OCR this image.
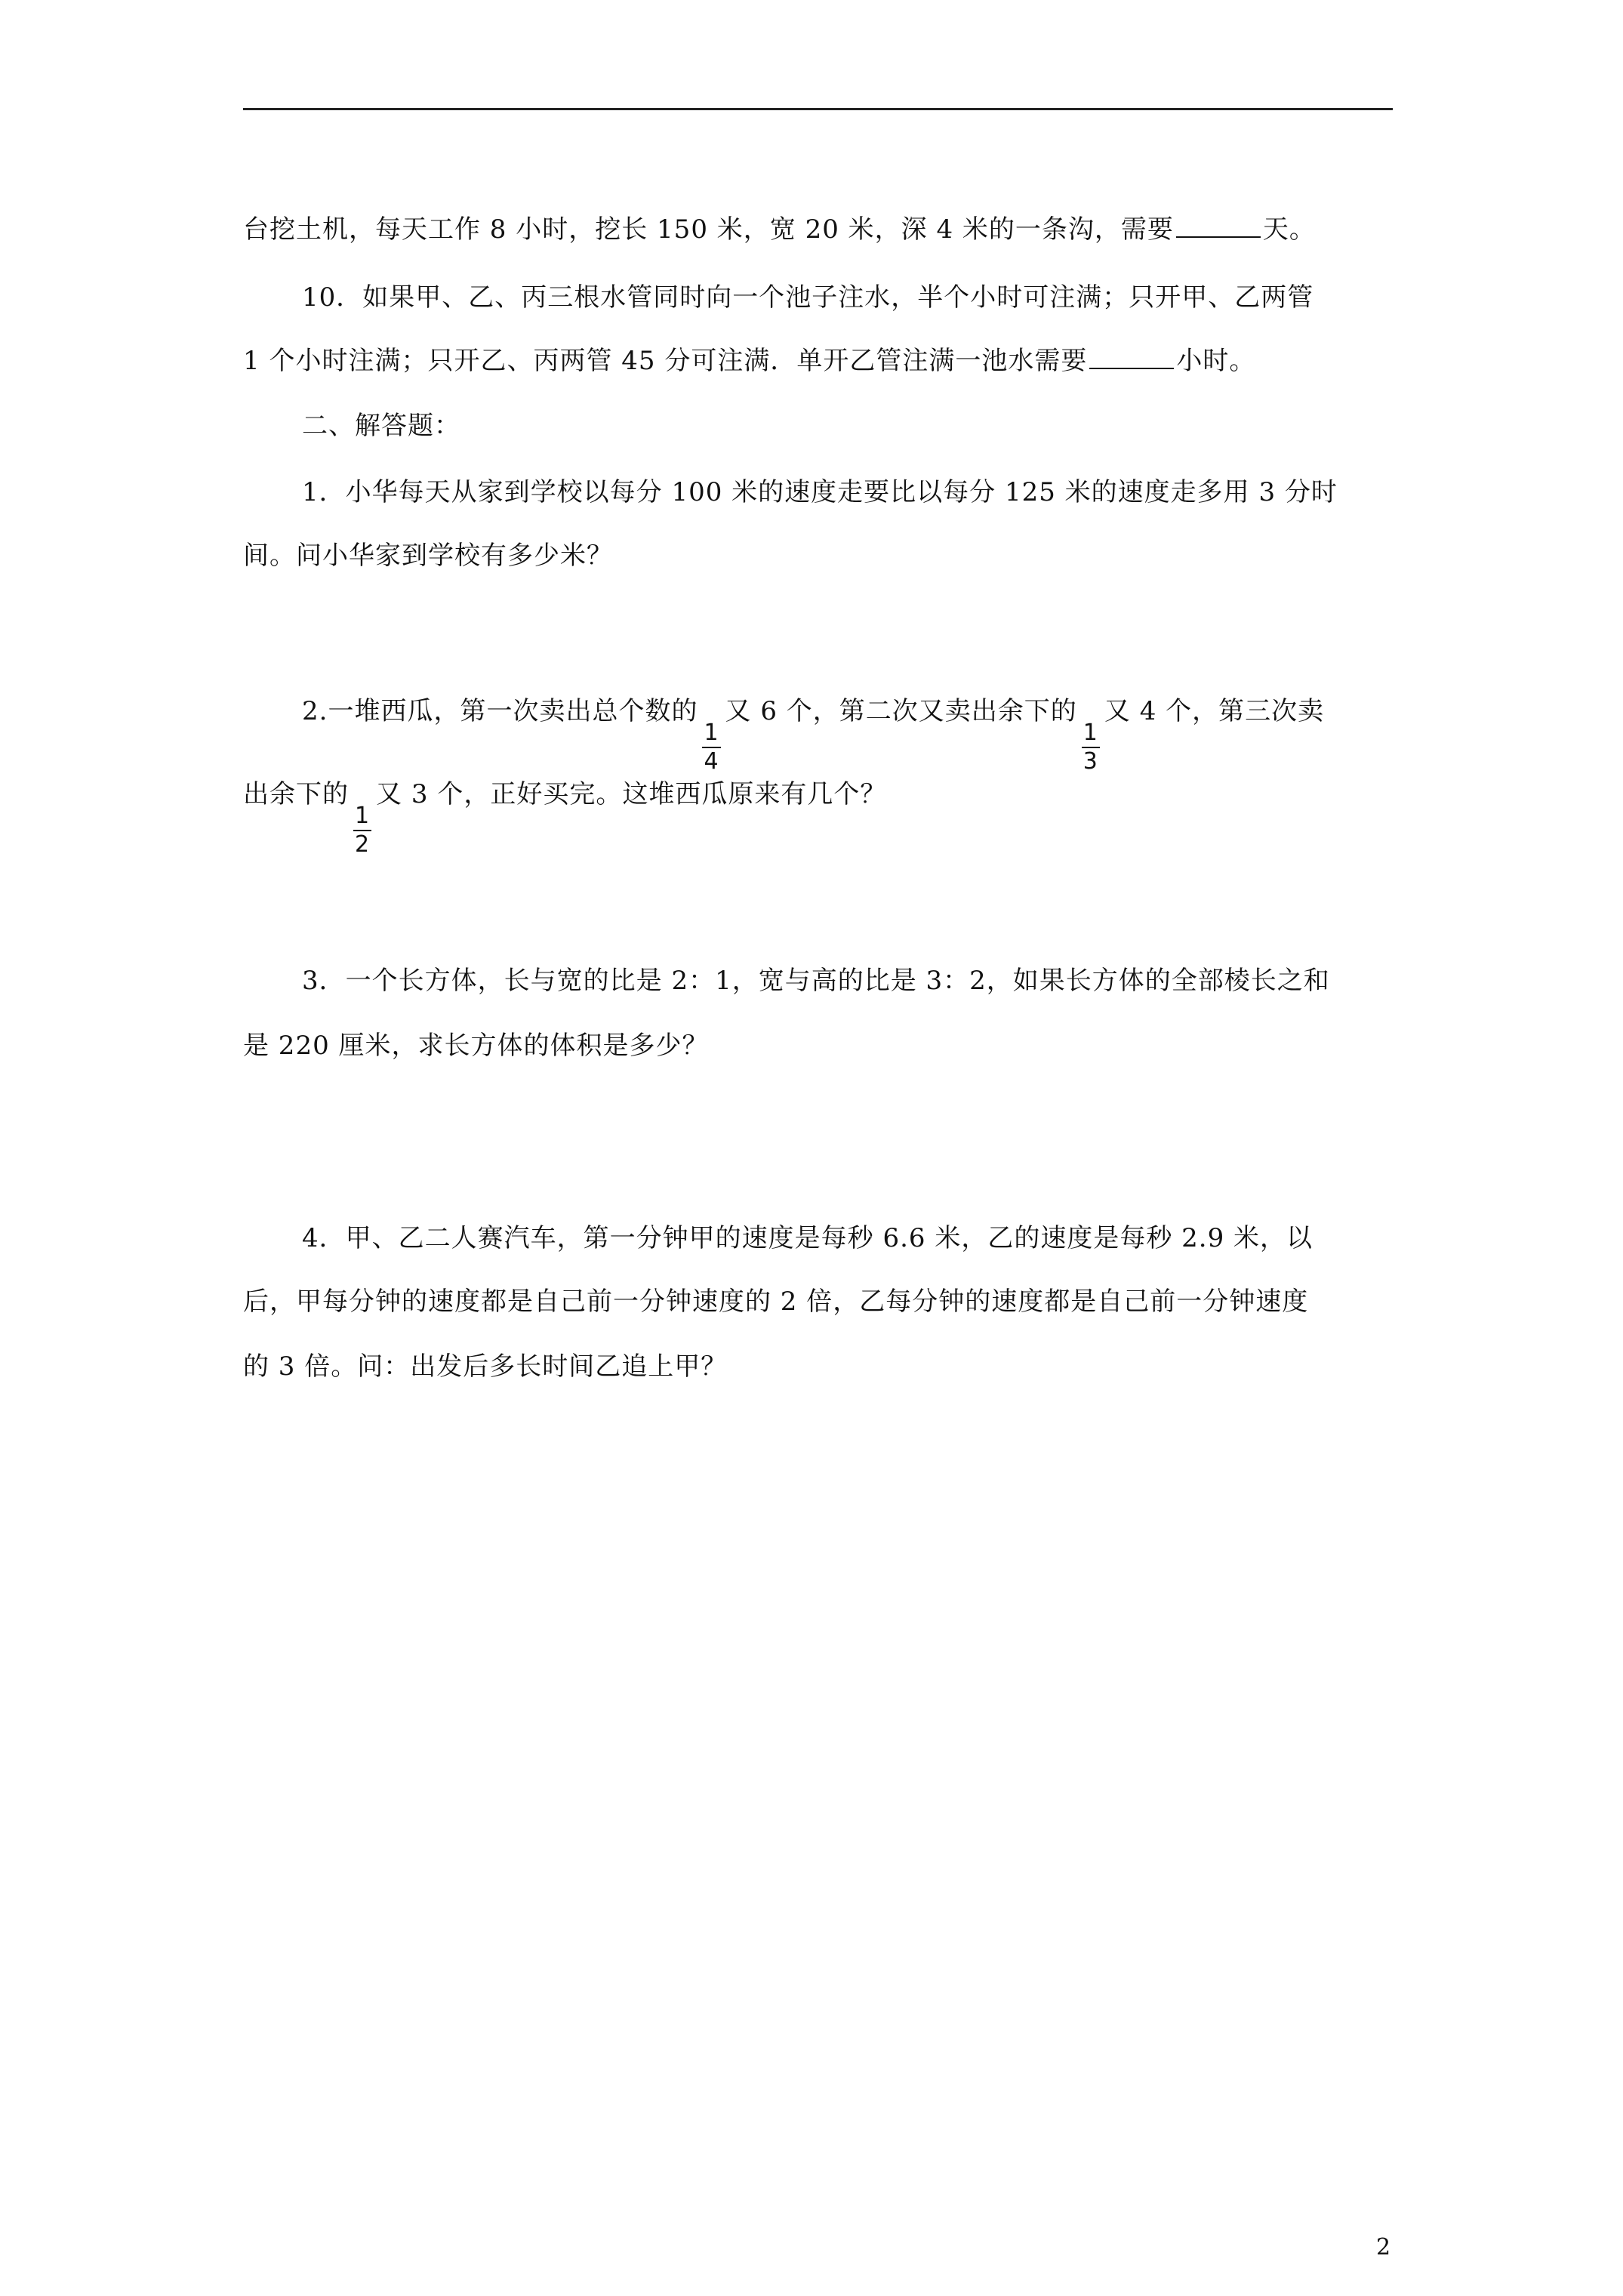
台挖土机，每天工作 8 小时，挖长 150 米，宽 20 米，深 4 米的一条沟，需要	天。
10．如果甲、乙、丙三根水管同时向一个池子注水，半个小时可注满；只开甲、乙两管
1 个小时注满；只开乙、丙两管 45 分可注满．单开乙管注满一池水需要	小时。
二、解答题：
1．小华每天从家到学校以每分 100 米的速度走要比以每分 125 米的速度走多用 3 分时
间。问小华家到学校有多少米？
2.一堆西瓜，第一次卖出总个数的
$\frac{1}{4}$
又 6 个，第二次又卖出余下的
$\frac{1}{3}$
又 4 个，第三次卖
出余下的
$\frac{1}{2}$
又 3 个，正好买完。这堆西瓜原来有几个？
3．一个长方体，长与宽的比是 2：1，宽与高的比是 3：2，如果长方体的全部棱长之和
是 220 厘米，求长方体的体积是多少？
4．甲、乙二人赛汽车，第一分钟甲的速度是每秒 6.6 米，乙的速度是每秒 2.9 米，以
后，甲每分钟的速度都是自己前一分钟速度的 2 倍，乙每分钟的速度都是自己前一分钟速度
的 3 倍。问：出发后多长时间乙追上甲？
2
